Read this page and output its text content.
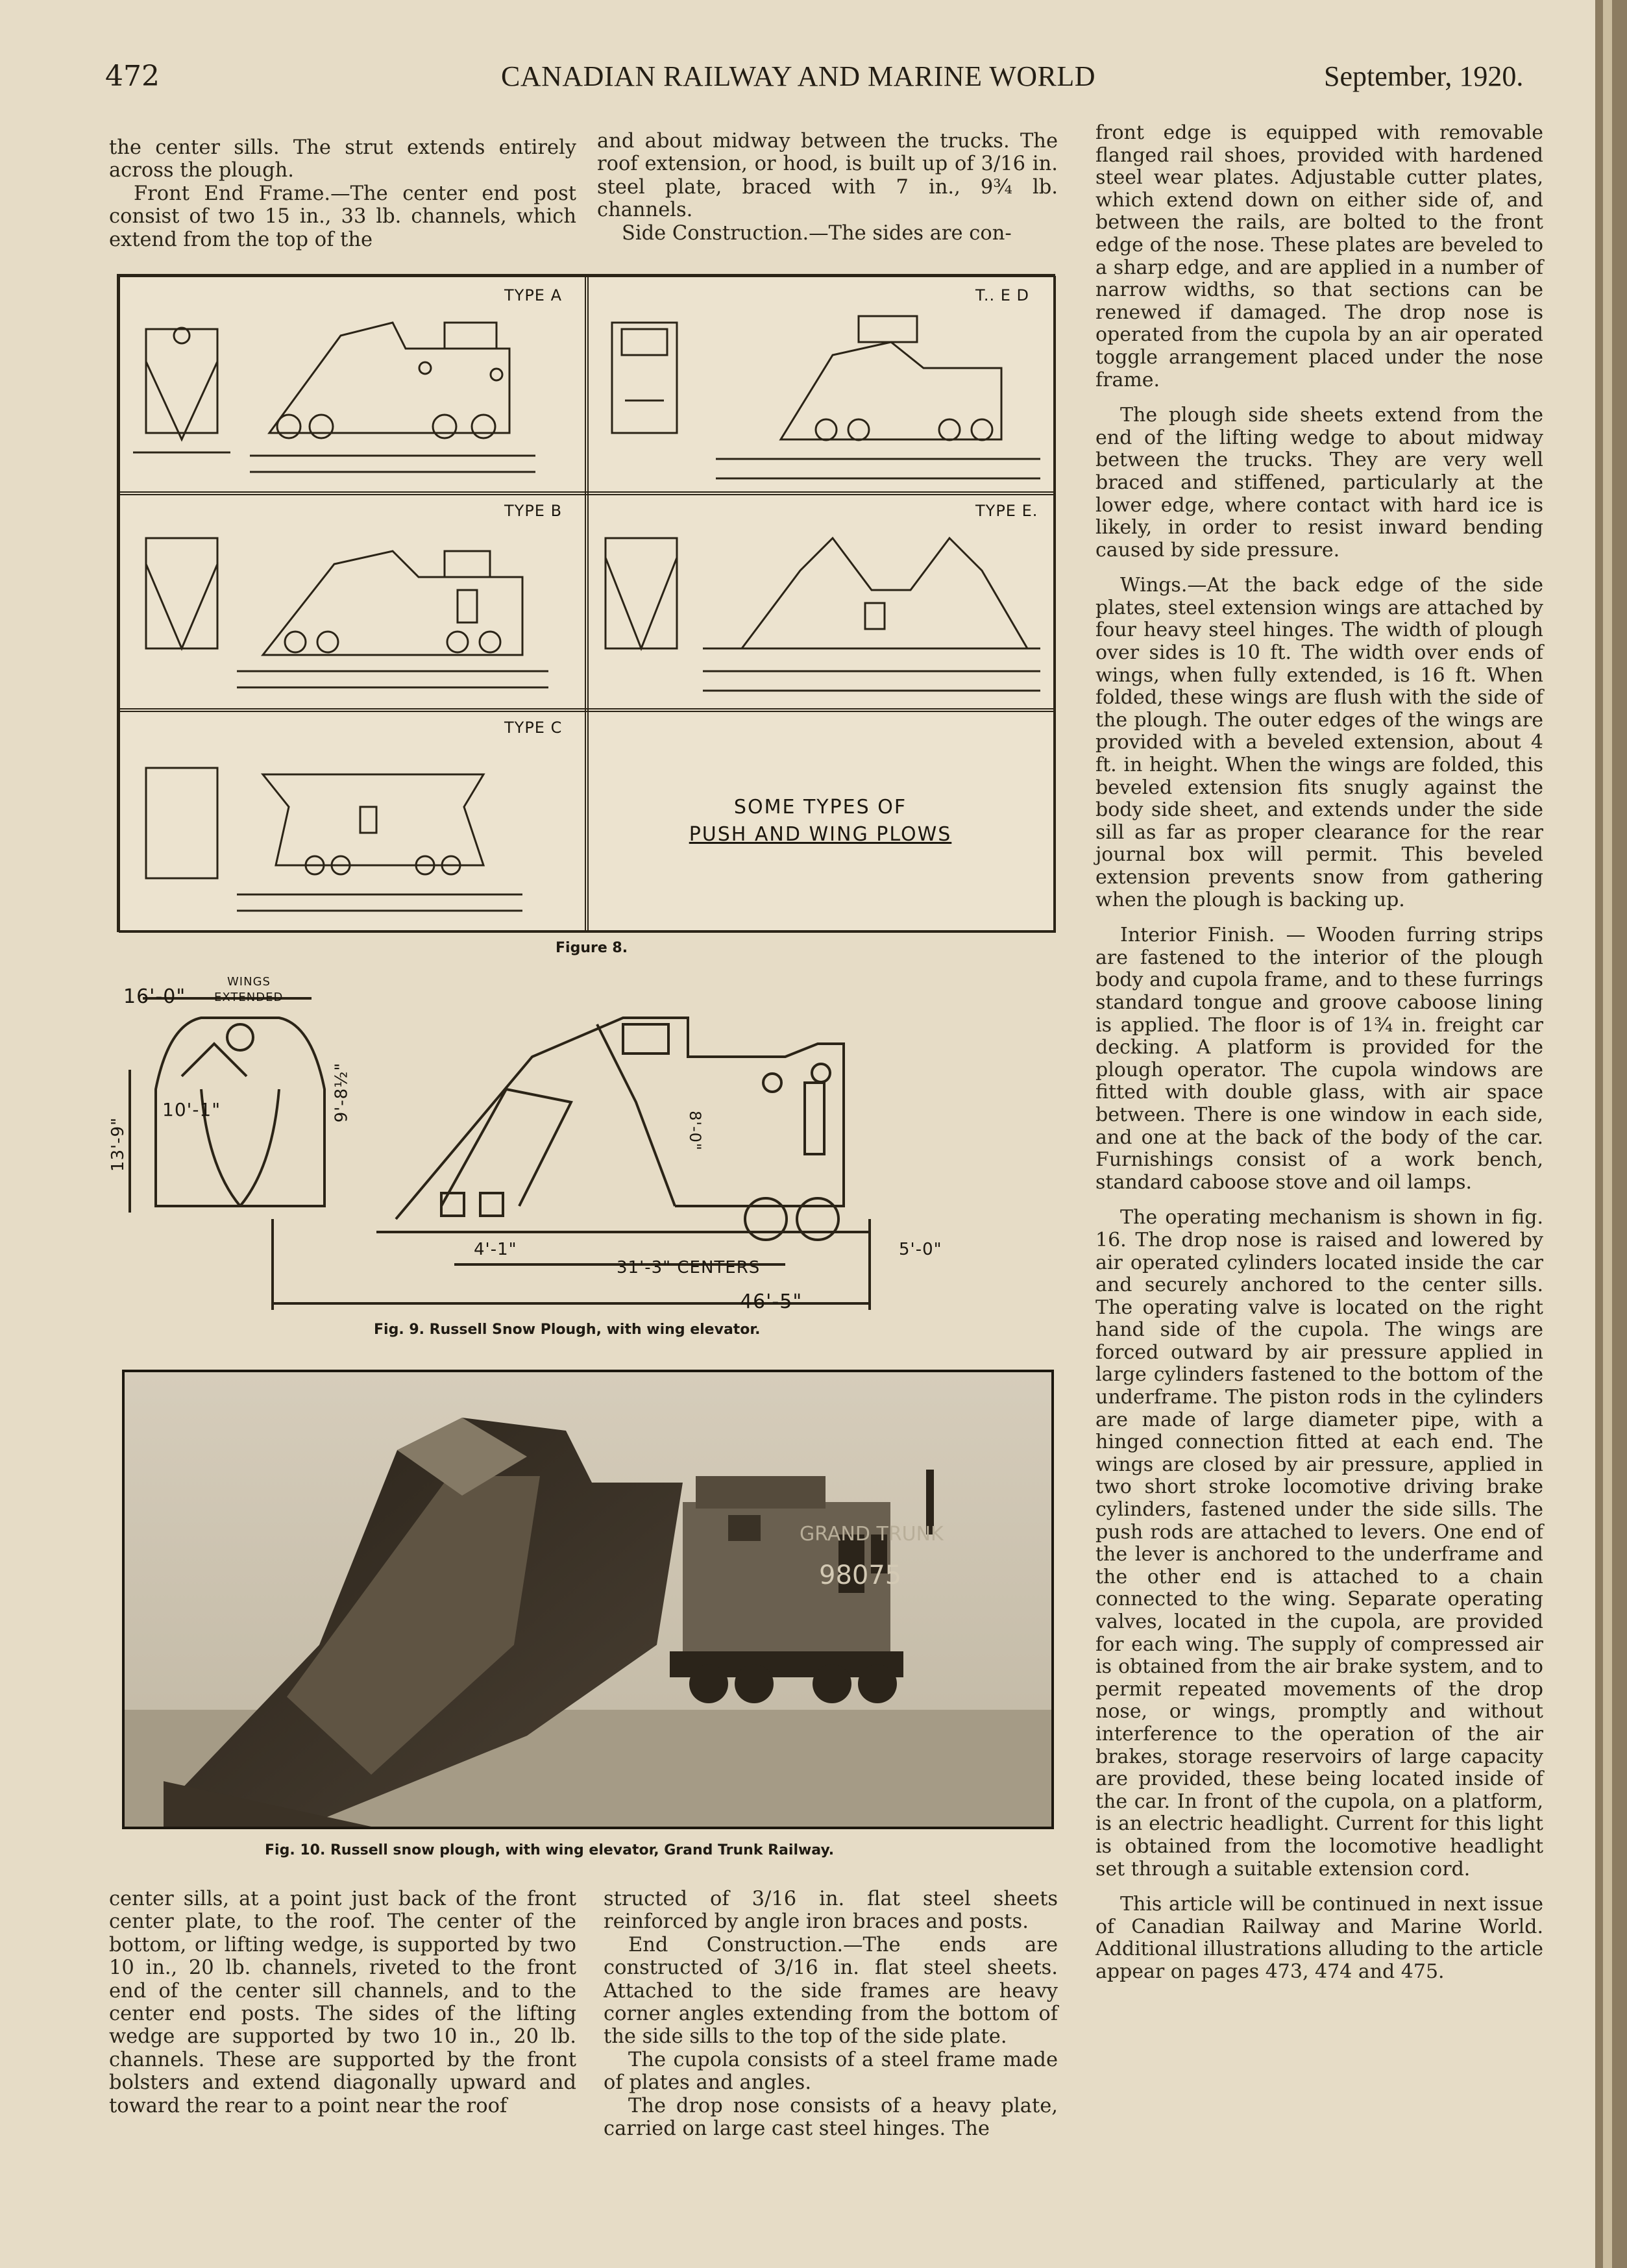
472	CANADIAN RAILWAY AND MARINE WORLD	September, 1920.

the center sills. The strut extends entirely across the plough.

Front End Frame.—The center end post consist of two 15 in., 33 lb. channels, which extend from the top of the

and about midway between the trucks. The roof extension, or hood, is built up of 3/16 in. steel plate, braced with 7 in., 9¾ lb. channels.

Side Construction.—The sides are con-

front edge is equipped with removable flanged rail shoes, provided with hardened steel wear plates. Adjustable cutter plates, which extend down on either side of, and between the rails, are bolted to the front edge of the nose. These plates are beveled to a sharp edge, and are applied in a number of narrow widths, so that sections can be renewed if damaged. The drop nose is operated from the cupola by an air operated toggle arrangement placed under the nose frame.

The plough side sheets extend from the end of the lifting wedge to about midway between the trucks. They are very well braced and stiffened, particularly at the lower edge, where contact with hard ice is likely, in order to resist inward bending caused by side pressure.

Wings.—At the back edge of the side plates, steel extension wings are attached by four heavy steel hinges. The width of plough over sides is 10 ft. The width over ends of wings, when fully extended, is 16 ft. When folded, these wings are flush with the side of the plough. The outer edges of the wings are provided with a beveled extension, about 4 ft. in height. When the wings are folded, this beveled extension fits snugly against the body side sheet, and extends under the side sill as far as proper clearance for the rear journal box will permit. This beveled extension prevents snow from gathering when the plough is backing up.

Interior Finish. — Wooden furring strips are fastened to the interior of the plough body and cupola frame, and to these furrings standard tongue and groove caboose lining is applied. The floor is of 1¾ in. freight car decking. A platform is provided for the plough operator. The cupola windows are fitted with double glass, with air space between. There is one window in each side, and one at the back of the body of the car. Furnishings consist of a work bench, standard caboose stove and oil lamps.

The operating mechanism is shown in fig. 16. The drop nose is raised and lowered by air operated cylinders located inside the car and securely anchored to the center sills. The operating valve is located on the right hand side of the cupola. The wings are forced outward by air pressure applied in large cylinders fastened to the bottom of the underframe. The piston rods in the cylinders are made of large diameter pipe, with a hinged connection fitted at each end. The wings are closed by air pressure, applied in two short stroke locomotive driving brake cylinders, fastened under the side sills. The push rods are attached to levers. One end of the lever is anchored to the underframe and the other end is attached to a chain connected to the wing. Separate operating valves, located in the cupola, are provided for each wing. The supply of compressed air is obtained from the air brake system, and to permit repeated movements of the drop nose, or wings, promptly and without interference to the operation of the air brakes, storage reservoirs of large capacity are provided, these being located inside of the car. In front of the cupola, on a platform, is an electric headlight. Current for this light is obtained from the locomotive headlight set through a suitable extension cord.

This article will be continued in next issue of Canadian Railway and Marine World. Additional illustrations alluding to the article appear on pages 473, 474 and 475.

TYPE A	T.. E D
TYPE B	TYPE E.
TYPE C
SOME TYPES OF
PUSH AND WING PLOWS
Figure 8.
16'-0"
WINGS
EXTENDED
10'-1"
13'-9"
9'-8½"
8'-0"
4'-1"	5'-0"
31'-3" CENTERS
46'-5"
Fig. 9. Russell Snow Plough, with wing elevator.
GRAND TRUNK
98075
Fig. 10. Russell snow plough, with wing elevator, Grand Trunk Railway.

center sills, at a point just back of the front center plate, to the roof. The center of the bottom, or lifting wedge, is supported by two 10 in., 20 lb. channels, riveted to the front end of the center sill channels, and to the center end posts. The sides of the lifting wedge are supported by two 10 in., 20 lb. channels. These are supported by the front bolsters and extend diagonally upward and toward the rear to a point near the roof

structed of 3/16 in. flat steel sheets reinforced by angle iron braces and posts.

End Construction.—The ends are constructed of 3/16 in. flat steel sheets. Attached to the side frames are heavy corner angles extending from the bottom of the side sills to the top of the side plate.

The cupola consists of a steel frame made of plates and angles.

The drop nose consists of a heavy plate, carried on large cast steel hinges. The
